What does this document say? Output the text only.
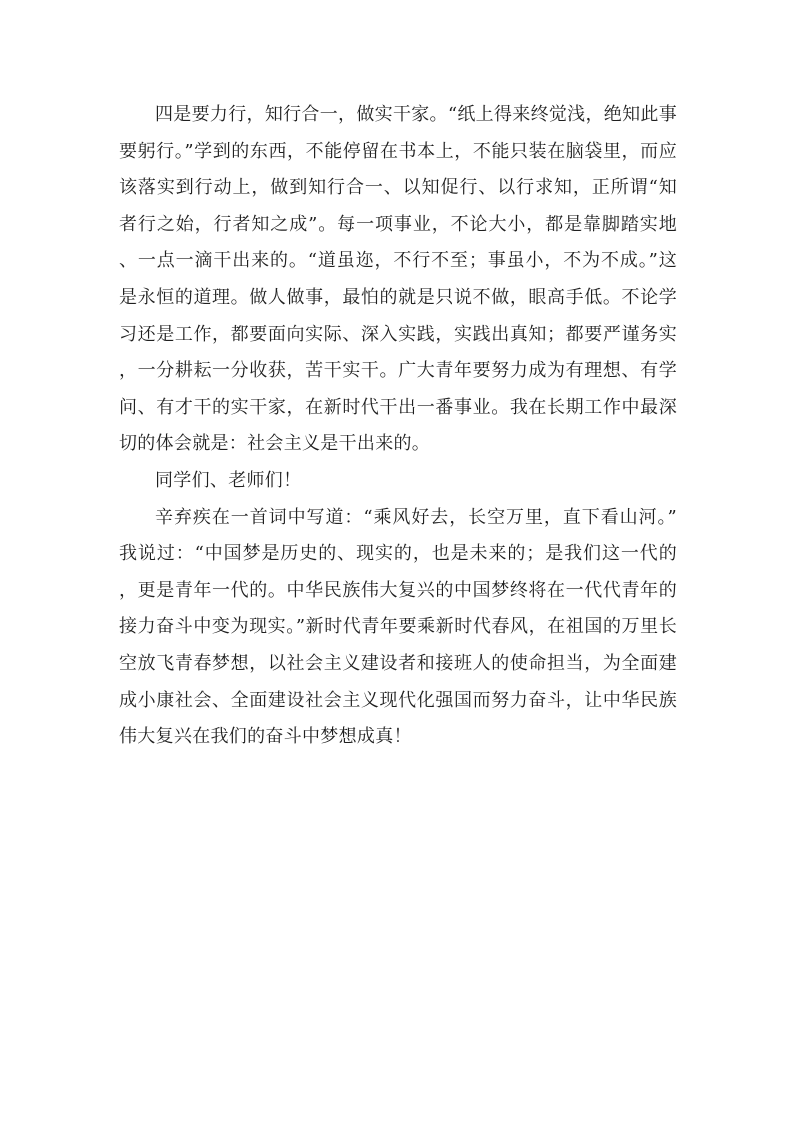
四是要力行，知行合一，做实干家。“纸上得来终觉浅，绝知此事要躬行。”学到的东西，不能停留在书本上，不能只装在脑袋里，而应该落实到行动上，做到知行合一、以知促行、以行求知，正所谓“知者行之始，行者知之成”。每一项事业，不论大小，都是靠脚踏实地、一点一滴干出来的。“道虽迩，不行不至；事虽小，不为不成。”这是永恒的道理。做人做事，最怕的就是只说不做，眼高手低。不论学习还是工作，都要面向实际、深入实践，实践出真知；都要严谨务实，一分耕耘一分收获，苦干实干。广大青年要努力成为有理想、有学问、有才干的实干家，在新时代干出一番事业。我在长期工作中最深切的体会就是：社会主义是干出来的。

同学们、老师们！

辛弃疾在一首词中写道：“乘风好去，长空万里，直下看山河。”我说过：“中国梦是历史的、现实的，也是未来的；是我们这一代的，更是青年一代的。中华民族伟大复兴的中国梦终将在一代代青年的接力奋斗中变为现实。”新时代青年要乘新时代春风，在祖国的万里长空放飞青春梦想，以社会主义建设者和接班人的使命担当，为全面建成小康社会、全面建设社会主义现代化强国而努力奋斗，让中华民族伟大复兴在我们的奋斗中梦想成真！
